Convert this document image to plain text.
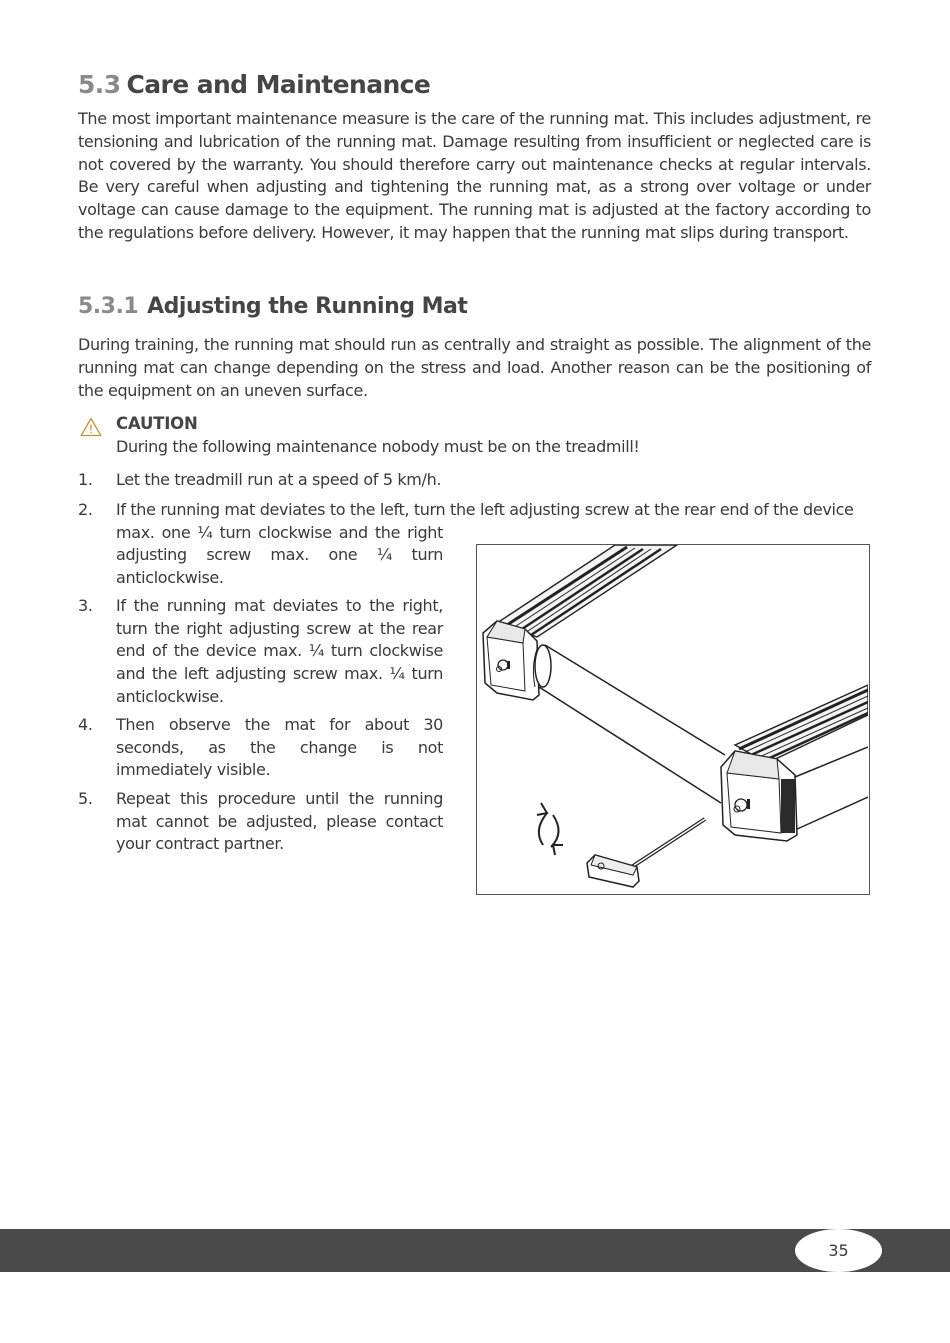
5.3 Care and Maintenance

The most important maintenance measure is the care of the running mat. This includes adjustment, re tensioning and lubrication of the running mat. Damage resulting from insufficient or neglected care is not covered by the warranty. You should therefore carry out maintenance checks at regular intervals. Be very careful when adjusting and tightening the running mat, as a strong over voltage or under voltage can cause damage to the equipment. The running mat is adjusted at the factory according to the regulations before delivery. However, it may happen that the running mat slips during transport.

5.3.1 Adjusting the Running Mat

During training, the running mat should run as centrally and straight as possible. The alignment of the running mat can change depending on the stress and load. Another reason can be the positioning of the equipment on an uneven surface.

CAUTION
During the following maintenance nobody must be on the treadmill!
1. Let the treadmill run at a speed of 5 km/h.
2. If the running mat deviates to the left, turn the left adjusting screw at the rear end of the device
max. one ¼ turn clockwise and the right adjusting screw max. one ¼ turn anticlockwise.
3. If the running mat deviates to the right, turn the right adjusting screw at the rear end of the device max. ¼ turn clockwise and the left adjusting screw max. ¼ turn anticlockwise.
4. Then observe the mat for about 30 seconds, as the change is not immediately visible.
5. Repeat this procedure until the running mat cannot be adjusted, please contact your contract partner.
35
